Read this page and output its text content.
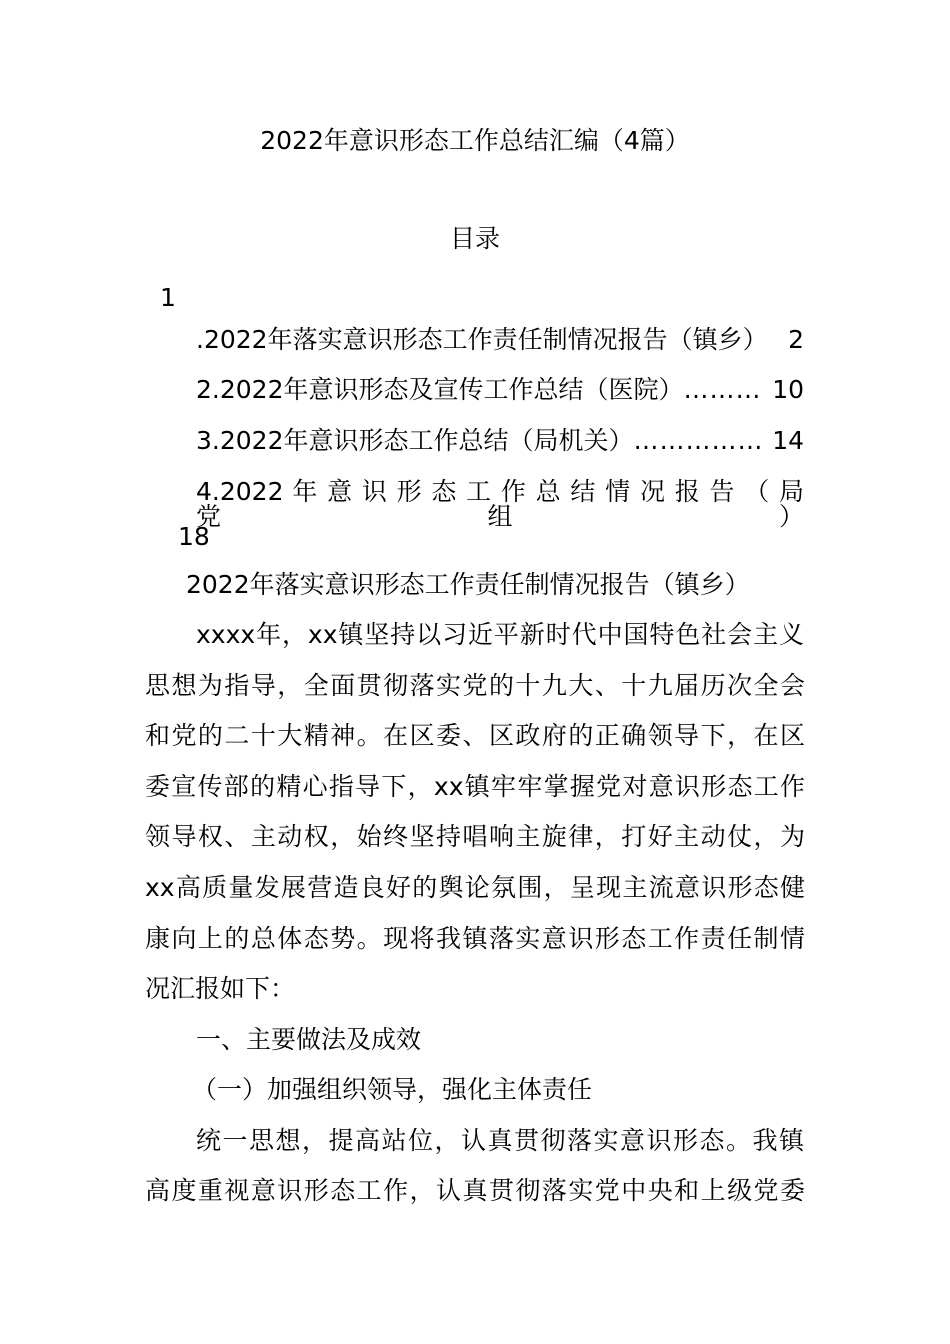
2022年意识形态工作总结汇编（4篇）
目录
1
.2022年落实意识形态工作责任制情况报告（镇乡） 2
2.2022年意识形态及宣传工作总结（医院） ……… 10
3.2022年意识形态工作总结（局机关） …………… 14
4.2022 年 意 识 形 态 工 作 总 结 情 况 报 告 （ 局 党 组 ）
18
2022年落实意识形态工作责任制情况报告（镇乡）
xxxx年，xx镇坚持以习近平新时代中国特色社会主义
思想为指导，全面贯彻落实党的十九大、十九届历次全会
和党的二十大精神。在区委、区政府的正确领导下，在区
委宣传部的精心指导下，xx镇牢牢掌握党对意识形态工作
领导权、主动权，始终坚持唱响主旋律，打好主动仗，为
xx高质量发展营造良好的舆论氛围，呈现主流意识形态健
康向上的总体态势。现将我镇落实意识形态工作责任制情
况汇报如下：
一、主要做法及成效
（一）加强组织领导，强化主体责任
统一思想，提高站位，认真贯彻落实意识形态。我镇
高度重视意识形态工作，认真贯彻落实党中央和上级党委
